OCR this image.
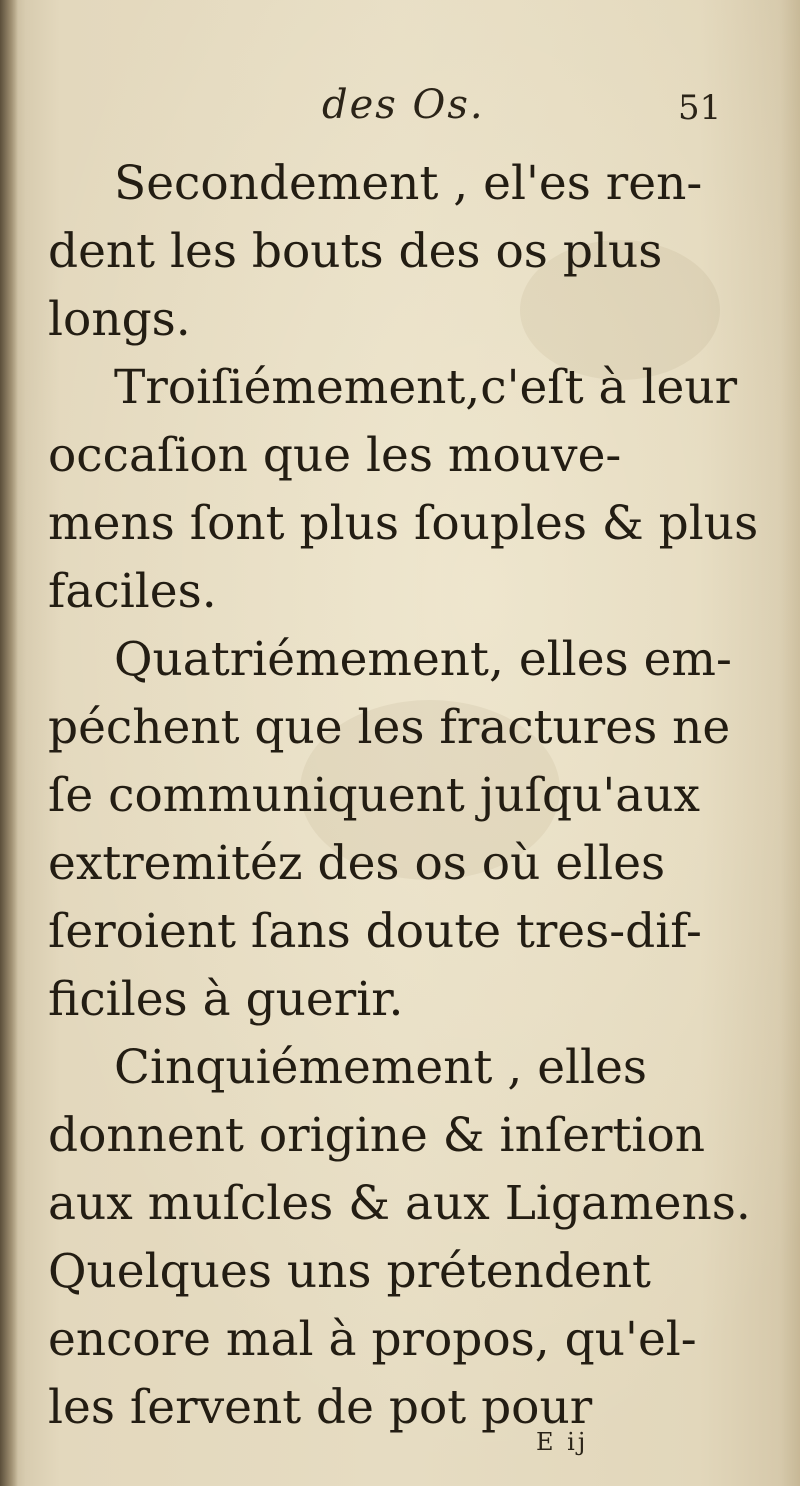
des Os.	51
Secondement , el'es ren-
dent les bouts des os plus
longs.
Troiſiémement,c'eſt à leur
occaſion que les mouve-
mens ſont plus ſouples & plus
faciles.
Quatriémement, elles em-
péchent que les fractures ne
ſe communiquent juſqu'aux
extremitéz des os où elles
ſeroient ſans doute tres-dif-
ficiles à guerir.
Cinquiémement , elles
donnent origine & inſertion
aux muſcles & aux Ligamens.
Quelques uns prétendent
encore mal à propos, qu'el-
les ſervent de pot pour
E ij
